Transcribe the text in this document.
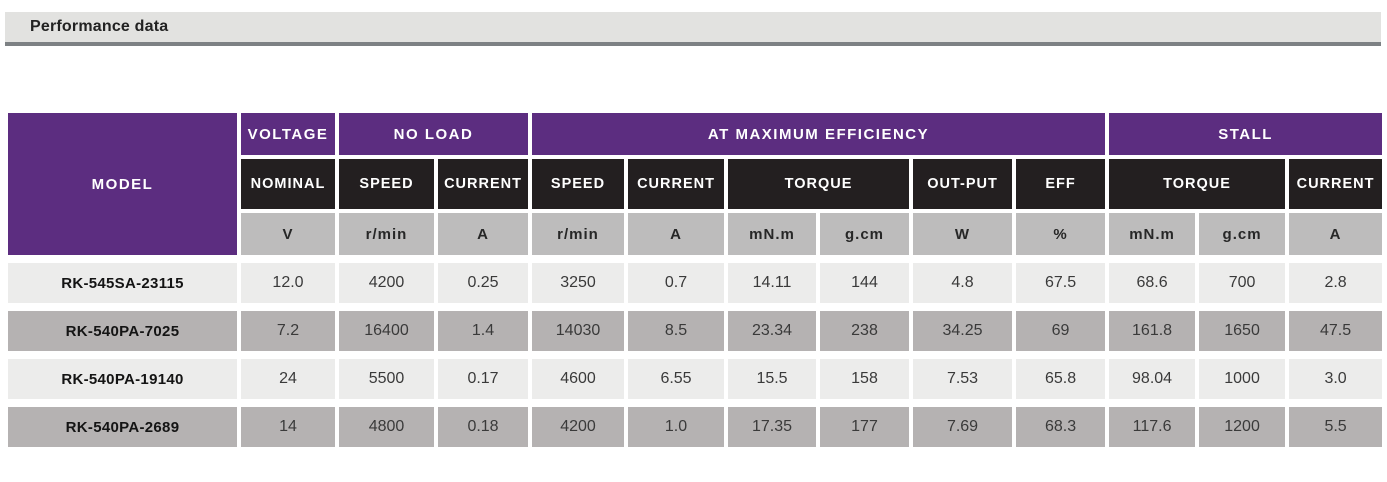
Performance data
MODEL	VOLTAGE	NO LOAD		AT MAXIMUM EFFICIENCY						STALL		
	NOMINAL	SPEED	CURRENT	SPEED	CURRENT	TORQUE		OUT-PUT	EFF	TORQUE		CURRENT
	V	r/min	A	r/min	A	mN.m	g.cm	W	%	mN.m	g.cm	A
RK-545SA-23115	12.0	4200	0.25	3250	0.7	14.11	144	4.8	67.5	68.6	700	2.8
RK-540PA-7025	7.2	16400	1.4	14030	8.5	23.34	238	34.25	69	161.8	1650	47.5
RK-540PA-19140	24	5500	0.17	4600	6.55	15.5	158	7.53	65.8	98.04	1000	3.0
RK-540PA-2689	14	4800	0.18	4200	1.0	17.35	177	7.69	68.3	117.6	1200	5.5
